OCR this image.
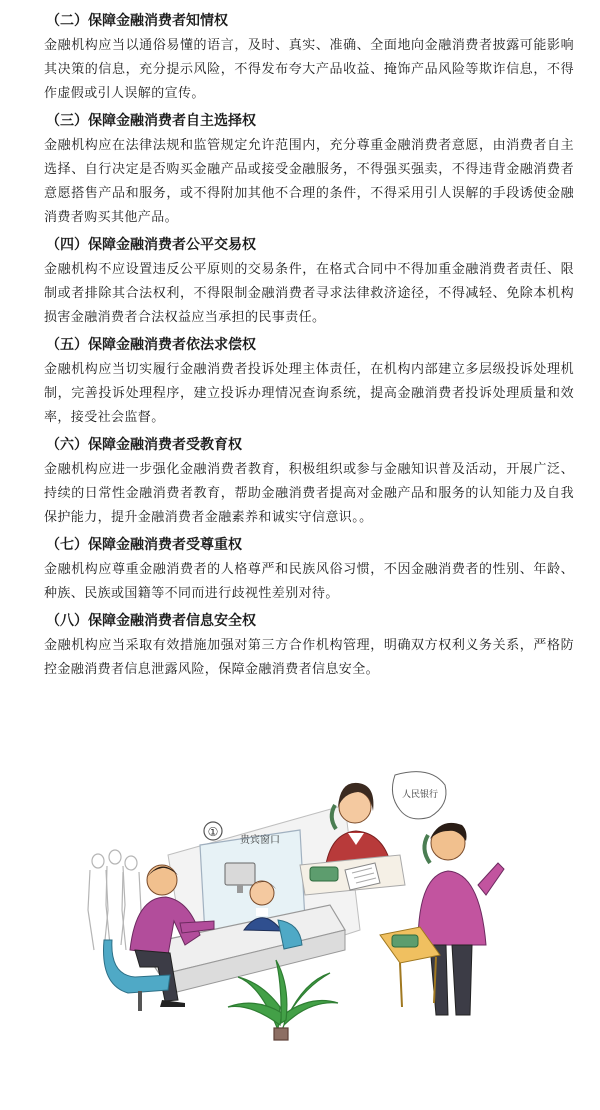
（二）保障金融消费者知情权

金融机构应当以通俗易懂的语言，及时、真实、准确、全面地向金融消费者披露可能影响其决策的信息，充分提示风险，不得发布夸大产品收益、掩饰产品风险等欺诈信息，不得作虚假或引人误解的宣传。

（三）保障金融消费者自主选择权

金融机构应在法律法规和监管规定允许范围内，充分尊重金融消费者意愿，由消费者自主选择、自行决定是否购买金融产品或接受金融服务，不得强买强卖，不得违背金融消费者意愿搭售产品和服务，或不得附加其他不合理的条件，不得采用引人误解的手段诱使金融消费者购买其他产品。

（四）保障金融消费者公平交易权

金融机构不应设置违反公平原则的交易条件，在格式合同中不得加重金融消费者责任、限制或者排除其合法权利，不得限制金融消费者寻求法律救济途径，不得减轻、免除本机构损害金融消费者合法权益应当承担的民事责任。

（五）保障金融消费者依法求偿权

金融机构应当切实履行金融消费者投诉处理主体责任，在机构内部建立多层级投诉处理机制，完善投诉处理程序，建立投诉办理情况查询系统，提高金融消费者投诉处理质量和效率，接受社会监督。

（六）保障金融消费者受教育权

金融机构应进一步强化金融消费者教育，积极组织或参与金融知识普及活动，开展广泛、持续的日常性金融消费者教育，帮助金融消费者提高对金融产品和服务的认知能力及自我保护能力，提升金融消费者金融素养和诚实守信意识。。

（七）保障金融消费者受尊重权

金融机构应尊重金融消费者的人格尊严和民族风俗习惯，不因金融消费者的性别、年龄、种族、民族或国籍等不同而进行歧视性差别对待。

（八）保障金融消费者信息安全权

金融机构应当采取有效措施加强对第三方合作机构管理，明确双方权利义务关系，严格防控金融消费者信息泄露风险，保障金融消费者信息安全。

①
贵宾窗口
人民银行
